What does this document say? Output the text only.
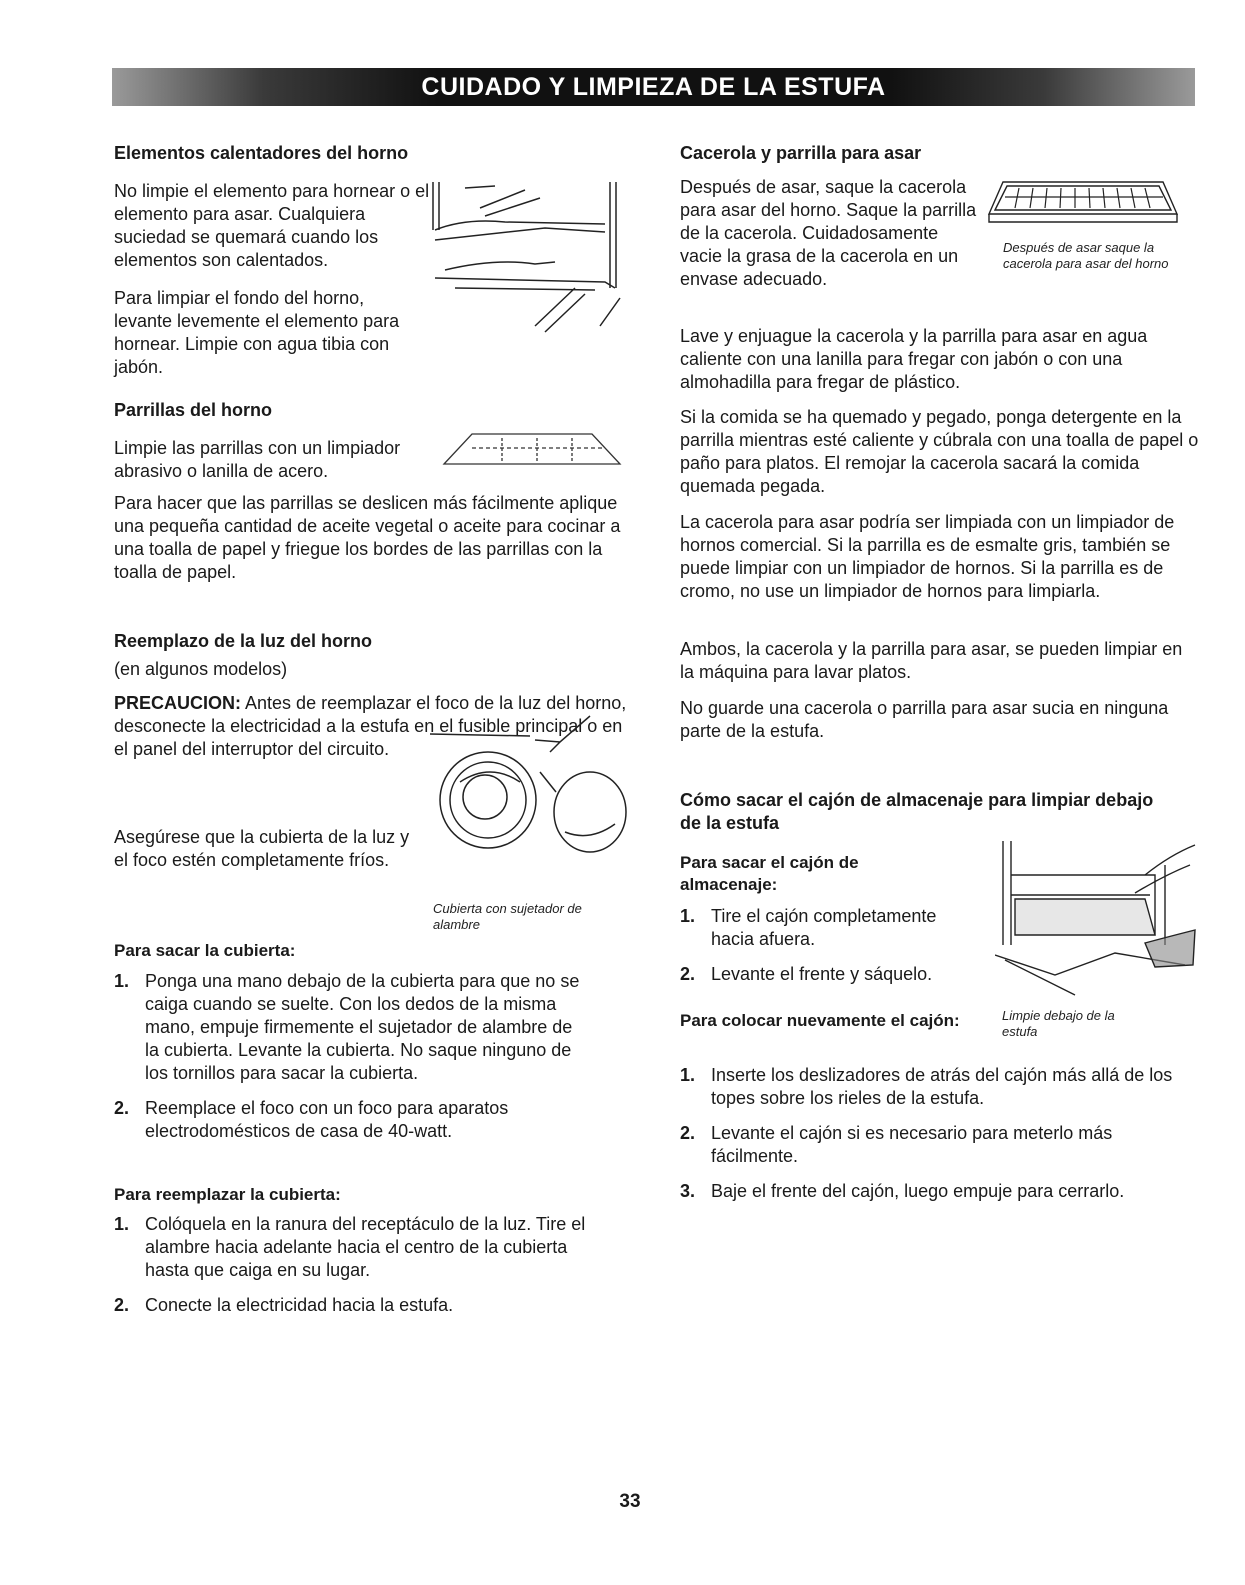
CUIDADO Y LIMPIEZA DE LA ESTUFA
Elementos calentadores del horno

No limpie el elemento para hornear o el elemento para asar. Cualquiera suciedad se quemará cuando los elementos son calentados.

Para limpiar el fondo del horno, levante levemente el elemento para hornear. Limpie con agua tibia con jabón.

Parrillas del horno

Limpie las parrillas con un limpiador abrasivo o lanilla de acero.

Para hacer que las parrillas se deslicen más fácilmente aplique una pequeña cantidad de aceite vegetal o aceite para cocinar a una toalla de papel y friegue los bordes de las parrillas con la toalla de papel.

Reemplazo de la luz del horno

(en algunos modelos)

PRECAUCION: Antes de reemplazar el foco de la luz del horno, desconecte la electricidad a la estufa en el fusible principal o en el panel del interruptor del circuito.

Asegúrese que la cubierta de la luz y el foco estén completamente fríos.

Cubierta con sujetador de alambre

Para sacar la cubierta:

1. Ponga una mano debajo de la cubierta para que no se caiga cuando se suelte. Con los dedos de la misma mano, empuje firmemente el sujetador de alambre de la cubierta. Levante la cubierta. No saque ninguno de los tornillos para sacar la cubierta.
2. Reemplace el foco con un foco para aparatos electrodomésticos de casa de 40-watt.

Para reemplazar la cubierta:

1. Colóquela en la ranura del receptáculo de la luz. Tire el alambre hacia adelante hacia el centro de la cubierta hasta que caiga en su lugar.
2. Conecte la electricidad hacia la estufa.
Cacerola y parrilla para asar

Después de asar, saque la cacerola para asar del horno. Saque la parrilla de la cacerola. Cuidadosamente vacie la grasa de la cacerola en un envase adecuado.

Después de asar saque la cacerola para asar del horno

Lave y enjuague la cacerola y la parrilla para asar en agua caliente con una lanilla para fregar con jabón o con una almohadilla para fregar de plástico.

Si la comida se ha quemado y pegado, ponga detergente en la parrilla mientras esté caliente y cúbrala con una toalla de papel o paño para platos. El remojar la cacerola sacará la comida quemada pegada.

La cacerola para asar podría ser limpiada con un limpiador de hornos comercial. Si la parrilla es de esmalte gris, también se puede limpiar con un limpiador de hornos. Si la parrilla es de cromo, no use un limpiador de hornos para limpiarla.

Ambos, la cacerola y la parrilla para asar, se pueden limpiar en la máquina para lavar platos.

No guarde una cacerola o parrilla para asar sucia en ninguna parte de la estufa.

Cómo sacar el cajón de almacenaje para limpiar debajo de la estufa

Para sacar el cajón de almacenaje:

1. Tire el cajón completamente hacia afuera.
2. Levante el frente y sáquelo.
Limpie debajo de la estufa

Para colocar nuevamente el cajón:

1. Inserte los deslizadores de atrás del cajón más allá de los topes sobre los rieles de la estufa.
2. Levante el cajón si es necesario para meterlo más fácilmente.
3. Baje el frente del cajón, luego empuje para cerrarlo.
33
